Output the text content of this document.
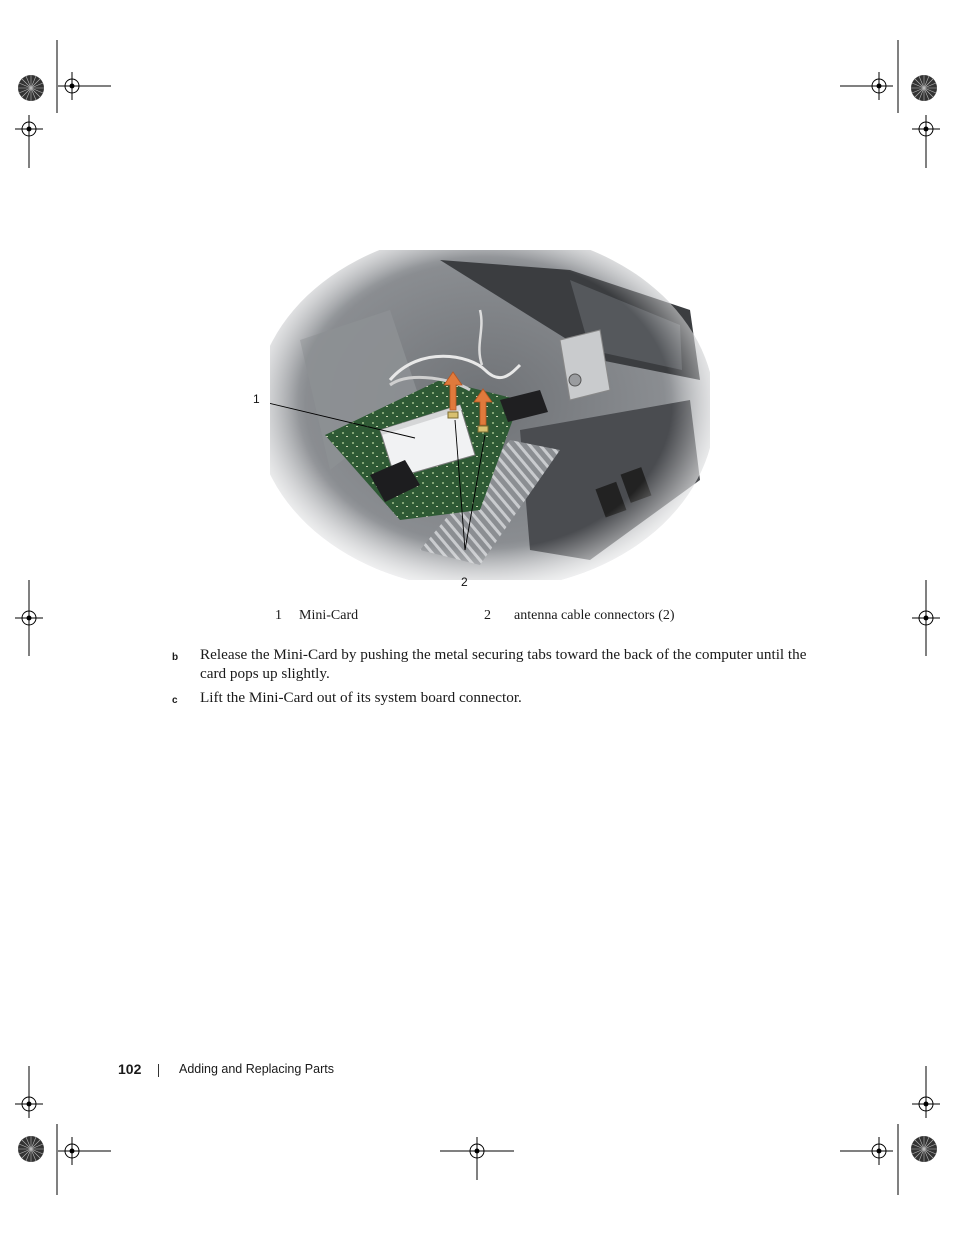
1
2
1 Mini-Card	2 antenna cable connectors (2)
b Release the Mini-Card by pushing the metal securing tabs toward the back of the computer until the card pops up slightly.
c Lift the Mini-Card out of its system board connector.
102	Adding and Replacing Parts
